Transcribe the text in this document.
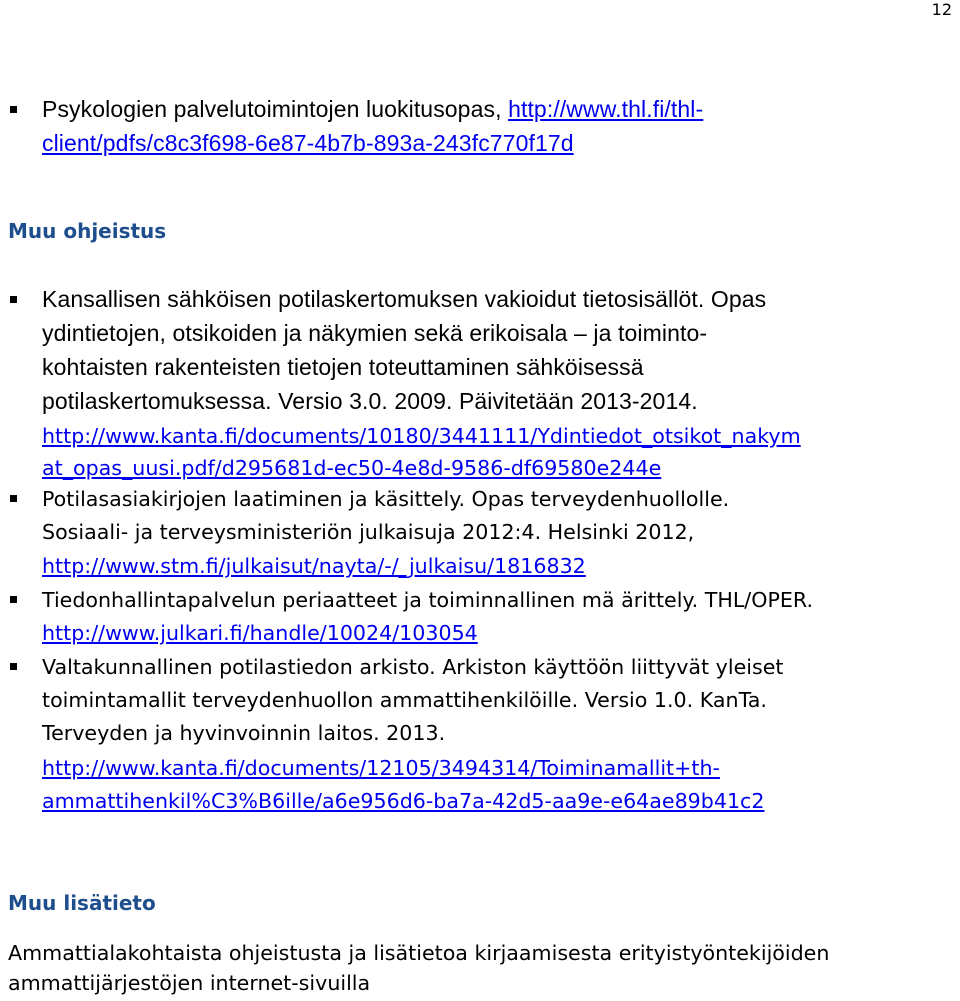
12
Psykologien palvelutoimintojen luokitusopas, http://www.thl.fi/thl-
client/pdfs/c8c3f698-6e87-4b7b-893a-243fc770f17d
Muu ohjeistus
Kansallisen sähköisen potilaskertomuksen vakioidut tietosisällöt. Opas
ydintietojen, otsikoiden ja näkymien sekä erikoisala – ja toiminto-
kohtaisten rakenteisten tietojen toteuttaminen sähköisessä
potilaskertomuksessa. Versio 3.0. 2009. Päivitetään 2013-2014.
http://www.kanta.fi/documents/10180/3441111/Ydintiedot_otsikot_nakym
at_opas_uusi.pdf/d295681d-ec50-4e8d-9586-df69580e244e
Potilasasiakirjojen laatiminen ja käsittely. Opas terveydenhuollolle.
Sosiaali- ja terveysministeriön julkaisuja 2012:4. Helsinki 2012,
http://www.stm.fi/julkaisut/nayta/-/_julkaisu/1816832
Tiedonhallintapalvelun periaatteet ja toiminnallinen mä ärittely. THL/OPER.
http://www.julkari.fi/handle/10024/103054
Valtakunnallinen potilastiedon arkisto. Arkiston käyttöön liittyvät yleiset
toimintamallit terveydenhuollon ammattihenkilöille. Versio 1.0. KanTa.
Terveyden ja hyvinvoinnin laitos. 2013.
http://www.kanta.fi/documents/12105/3494314/Toiminamallit+th-
ammattihenkil%C3%B6ille/a6e956d6-ba7a-42d5-aa9e-e64ae89b41c2
Muu lisätieto
Ammattialakohtaista ohjeistusta ja lisätietoa kirjaamisesta erityistyöntekijöiden
ammattijärjestöjen internet-sivuilla
